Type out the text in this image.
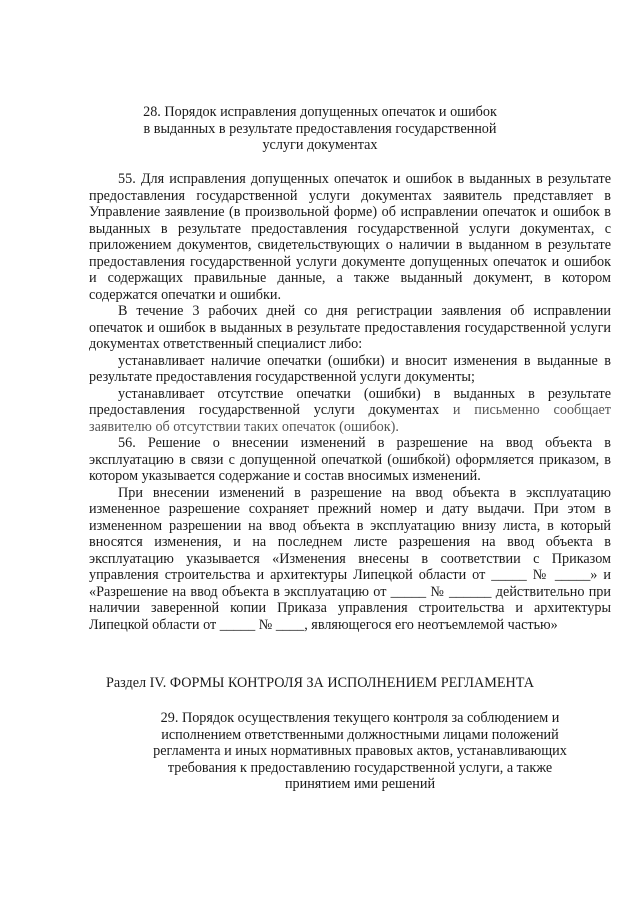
28. Порядок исправления допущенных опечаток и ошибок
в выданных в результате предоставления государственной
услуги документах

55. Для исправления допущенных опечаток и ошибок в выданных в результате предоставления государственной услуги документах заявитель представляет в Управление заявление (в произвольной форме) об исправлении опечаток и ошибок в выданных в результате предоставления государственной услуги документах, с приложением документов, свидетельствующих о наличии в выданном в результате предоставления государственной услуги документе допущенных опечаток и ошибок и содержащих правильные данные, а также выданный документ, в котором содержатся опечатки и ошибки.

В течение 3 рабочих дней со дня регистрации заявления об исправлении опечаток и ошибок в выданных в результате предоставления государственной услуги документах ответственный специалист либо:

устанавливает наличие опечатки (ошибки) и вносит изменения в выданные в результате предоставления государственной услуги документы;

устанавливает отсутствие опечатки (ошибки) в выданных в результате предоставления государственной услуги документах и письменно сообщает заявителю об отсутствии таких опечаток (ошибок).

56. Решение о внесении изменений в разрешение на ввод объекта в эксплуатацию в связи с допущенной опечаткой (ошибкой) оформляется приказом, в котором указывается содержание и состав вносимых изменений.

При внесении изменений в разрешение на ввод объекта в эксплуатацию измененное разрешение сохраняет прежний номер и дату выдачи. При этом в измененном разрешении на ввод объекта в эксплуатацию внизу листа, в который вносятся изменения, и на последнем листе разрешения на ввод объекта в эксплуатацию указывается «Изменения внесены в соответствии с Приказом управления строительства и архитектуры Липецкой области от _____ № _____» и «Разрешение на ввод объекта в эксплуатацию от _____ № ______ действительно при наличии заверенной копии Приказа управления строительства и архитектуры Липецкой области от _____ № ____, являющегося его неотъемлемой частью»

Раздел IV. ФОРМЫ КОНТРОЛЯ ЗА ИСПОЛНЕНИЕМ РЕГЛАМЕНТА
29. Порядок осуществления текущего контроля за соблюдением и
исполнением ответственными должностными лицами положений
регламента и иных нормативных правовых актов, устанавливающих
требования к предоставлению государственной услуги, а также
принятием ими решений
